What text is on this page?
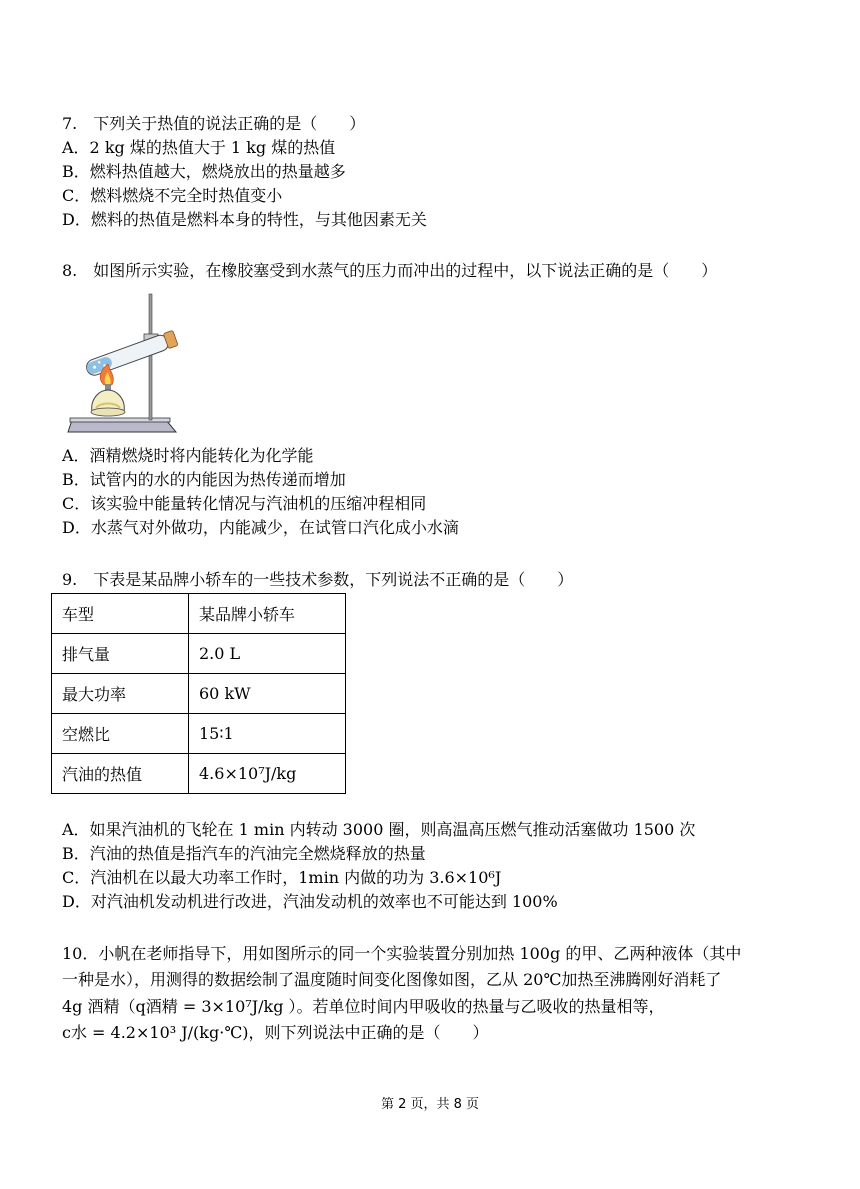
7.　下列关于热值的说法正确的是（　　）
A．2 kg 煤的热值大于 1 kg 煤的热值
B．燃料热值越大，燃烧放出的热量越多
C．燃料燃烧不完全时热值变小
D．燃料的热值是燃料本身的特性，与其他因素无关
8.　如图所示实验，在橡胶塞受到水蒸气的压力而冲出的过程中，以下说法正确的是（　　）
A．酒精燃烧时将内能转化为化学能
B．试管内的水的内能因为热传递而增加
C．该实验中能量转化情况与汽油机的压缩冲程相同
D．水蒸气对外做功，内能减少，在试管口汽化成小水滴
9.　下表是某品牌小轿车的一些技术参数，下列说法不正确的是（　　）
车型	某品牌小轿车
排气量	2.0 L
最大功率	60 kW
空燃比	15∶1
汽油的热值	4.6×10⁷J/kg
A．如果汽油机的飞轮在 1 min 内转动 3000 圈，则高温高压燃气推动活塞做功 1500 次
B．汽油的热值是指汽车的汽油完全燃烧释放的热量
C．汽油机在以最大功率工作时，1min 内做的功为 3.6×10⁶J
D．对汽油机发动机进行改进，汽油发动机的效率也不可能达到 100%
10．小帆在老师指导下，用如图所示的同一个实验装置分别加热 100g 的甲、乙两种液体（其中
一种是水），用测得的数据绘制了温度随时间变化图像如图，乙从 20℃加热至沸腾刚好消耗了
4g 酒精（q酒精 = 3×10⁷J/kg ）。若单位时间内甲吸收的热量与乙吸收的热量相等，
c水 = 4.2×10³ J/(kg·℃)，则下列说法中正确的是（　　）
第 2 页，共 8 页
